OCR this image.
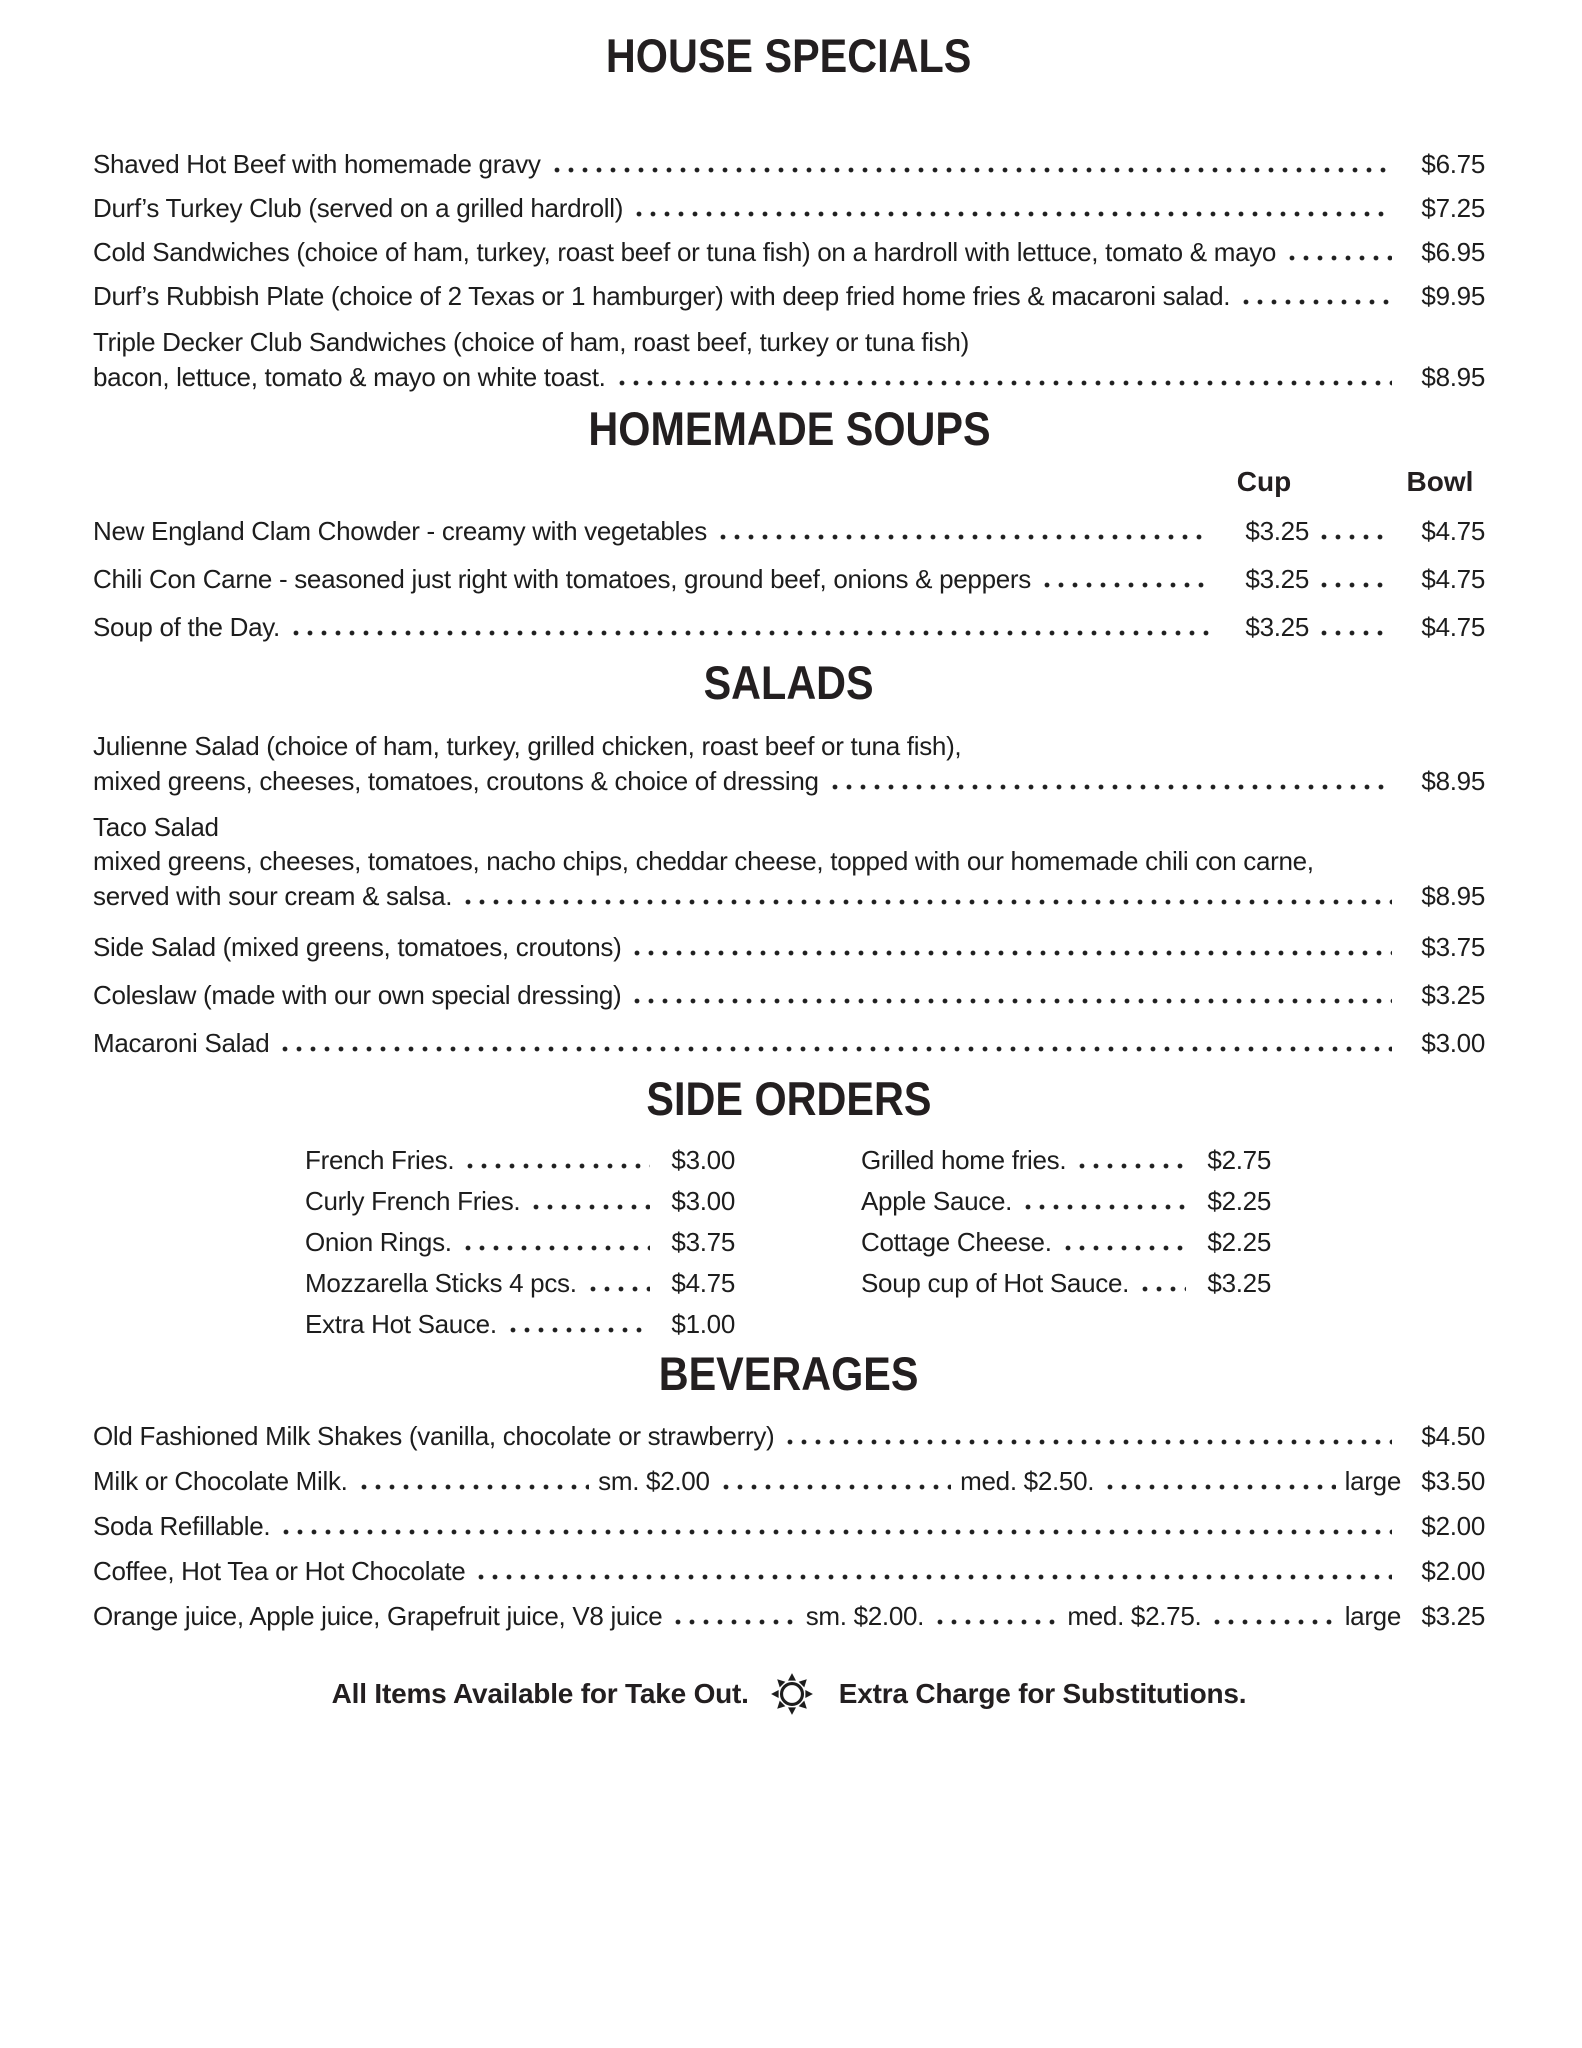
HOUSE SPECIALS
Shaved Hot Beef with homemade gravy	$6.75
Durf’s Turkey Club (served on a grilled hardroll)	$7.25
Cold Sandwiches (choice of ham, turkey, roast beef or tuna fish) on a hardroll with lettuce, tomato & mayo	$6.95
Durf’s Rubbish Plate (choice of 2 Texas or 1 hamburger) with deep fried home fries & macaroni salad.	$9.95
Triple Decker Club Sandwiches (choice of ham, roast beef, turkey or tuna fish)
bacon, lettuce, tomato & mayo on white toast.	$8.95
HOMEMADE SOUPS
Cup	Bowl
New England Clam Chowder - creamy with vegetables	$3.25	$4.75
Chili Con Carne - seasoned just right with tomatoes, ground beef, onions & peppers	$3.25	$4.75
Soup of the Day.	$3.25	$4.75
SALADS
Julienne Salad (choice of ham, turkey, grilled chicken, roast beef or tuna fish),
mixed greens, cheeses, tomatoes, croutons & choice of dressing	$8.95
Taco Salad
mixed greens, cheeses, tomatoes, nacho chips, cheddar cheese, topped with our homemade chili con carne,
served with sour cream & salsa.	$8.95
Side Salad (mixed greens, tomatoes, croutons)	$3.75
Coleslaw (made with our own special dressing)	$3.25
Macaroni Salad	$3.00
SIDE ORDERS
French Fries.	$3.00
Curly French Fries.	$3.00
Onion Rings.	$3.75
Mozzarella Sticks 4 pcs.	$4.75
Extra Hot Sauce.	$1.00
Grilled home fries.	$2.75
Apple Sauce.	$2.25
Cottage Cheese.	$2.25
Soup cup of Hot Sauce.	$3.25
BEVERAGES
Old Fashioned Milk Shakes (vanilla, chocolate or strawberry)	$4.50
Milk or Chocolate Milk.	sm. $2.00	med. $2.50.	large $3.50
Soda Refillable.	$2.00
Coffee, Hot Tea or Hot Chocolate	$2.00
Orange juice, Apple juice, Grapefruit juice, V8 juice	sm. $2.00.	med. $2.75.	large $3.25
All Items Available for Take Out.	Extra Charge for Substitutions.
